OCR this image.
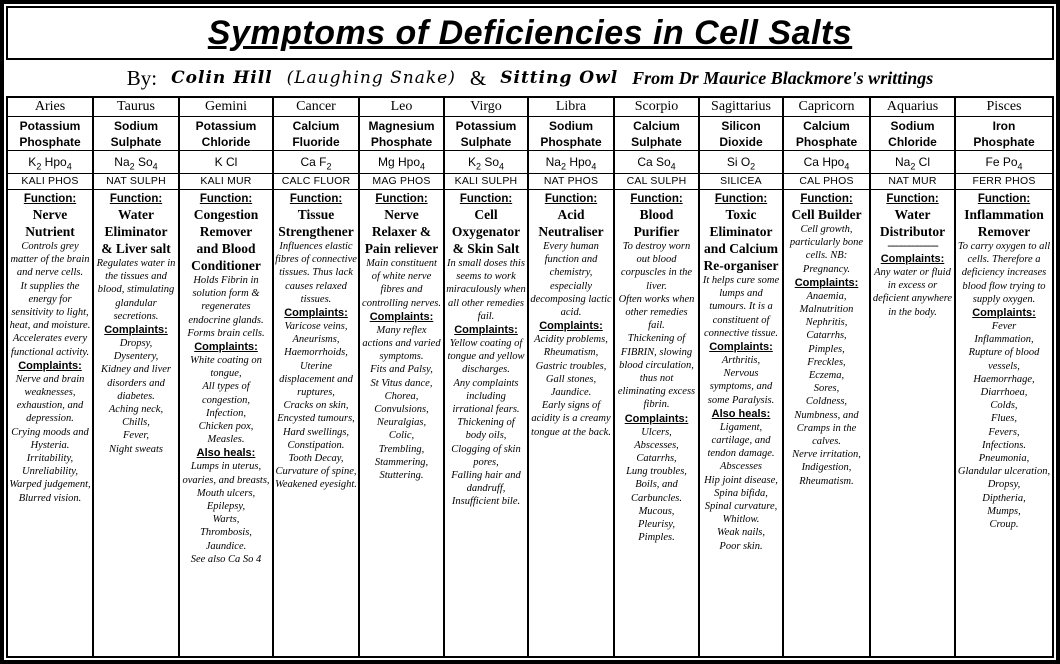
Symptoms of Deficiencies in Cell Salts
By: Colin Hill (Laughing Snake) & Sitting Owl From Dr Maurice Blackmore's writtings
Aries
Potassium
Phosphate
$K_2$ Hpo$_4$
KALI PHOS
Function:
Nerve
Nutrient
Controls grey matter of the brain and nerve cells.
It supplies the energy for sensitivity to light, heat, and moisture.
Accelerates every functional activity.
Complaints:
Nerve and brain weaknesses, exhaustion, and depression.
Crying moods and Hysteria.
Irritability, Unreliability,
Warped judgement,
Blurred vision.
Taurus
Sodium
Sulphate
$Na_2$ $So_4$
NAT SULPH
Function:
Water
Eliminator
& Liver salt
Regulates water in the tissues and blood, stimulating glandular secretions.
Complaints:
Dropsy,
Dysentery,
Kidney and liver disorders and diabetes.
Aching neck,
Chills,
Fever,
Night sweats
Gemini
Potassium
Chloride
K Cl
KALI MUR
Function:
Congestion
Remover
and Blood
Conditioner
Holds Fibrin in solution form & regenerates endocrine glands. Forms brain cells.
Complaints:
White coating on tongue,
All types of congestion,
Infection,
Chicken pox,
Measles.
Also heals:
Lumps in uterus, ovaries, and breasts,
Mouth ulcers,
Epilepsy,
Warts,
Thrombosis,
Jaundice.
See also Ca So 4
Cancer
Calcium
Fluoride
Ca $F_2$
CALC FLUOR
Function:
Tissue
Strengthener
Influences elastic fibres of connective tissues. Thus lack causes relaxed tissues.
Complaints:
Varicose veins,
Aneurisms,
Haemorrhoids,
Uterine displacement and ruptures,
Cracks on skin,
Encysted tumours,
Hard swellings,
Constipation.
Tooth Decay,
Curvature of spine,
Weakened eyesight.
Leo
Magnesium
Phosphate
Mg Hpo$_4$
MAG PHOS
Function:
Nerve
Relaxer &
Pain reliever
Main constituent of white nerve fibres and controlling nerves.
Complaints:
Many reflex actions and varied symptoms.
Fits and Palsy,
St Vitus dance,
Chorea,
Convulsions,
Neuralgias,
Colic,
Trembling,
Stammering,
Stuttering.
Virgo
Potassium
Sulphate
$K_2$ $So_4$
KALI SULPH
Function:
Cell
Oxygenator
& Skin Salt
In small doses this seems to work miraculously when all other remedies fail.
Complaints:
Yellow coating of tongue and yellow discharges.
Any complaints including irrational fears.
Thickening of body oils,
Clogging of skin pores,
Falling hair and dandruff,
Insufficient bile.
Libra
Sodium
Phosphate
$Na_2$ Hpo$_4$
NAT PHOS
Function:
Acid
Neutraliser
Every human function and chemistry, especially decomposing lactic acid.
Complaints:
Acidity problems,
Rheumatism,
Gastric troubles,
Gall stones,
Jaundice.
Early signs of acidity is a creamy tongue at the back.
Scorpio
Calcium
Sulphate
Ca $So_4$
CAL SULPH
Function:
Blood
Purifier
To destroy worn out blood corpuscles in the liver.
Often works when other remedies fail.
Thickening of FIBRIN, slowing blood circulation, thus not eliminating excess fibrin.
Complaints:
Ulcers,
Abscesses,
Catarrhs,
Lung troubles,
Boils, and Carbuncles.
Mucous,
Pleurisy,
Pimples.
Sagittarius
Silicon
Dioxide
Si $O_2$
SILICEA
Function:
Toxic
Eliminator
and Calcium
Re-organiser
It helps cure some lumps and tumours. It is a constituent of connective tissue.
Complaints:
Arthritis,
Nervous symptoms, and some Paralysis.
Also heals:
Ligament, cartilage, and tendon damage.
Abscesses
Hip joint disease,
Spina bifida,
Spinal curvature,
Whitlow.
Weak nails,
Poor skin.
Capricorn
Calcium
Phosphate
Ca Hpo$_4$
CAL PHOS
Function:
Cell Builder
Cell growth, particularly bone cells. NB: Pregnancy.
Complaints:
Anaemia,
Malnutrition
Nephritis,
Catarrhs,
Pimples,
Freckles,
Eczema,
Sores,
Coldness,
Numbness, and Cramps in the calves.
Nerve irritation,
Indigestion,
Rheumatism.
Aquarius
Sodium
Chloride
$Na_2$ Cl
NAT MUR
Function:
Water
Distributor
-------------------
Complaints:
Any water or fluid in excess or deficient anywhere in the body.
Pisces
Iron
Phosphate
Fe $Po_4$
FERR PHOS
Function:
Inflammation
Remover
To carry oxygen to all cells. Therefore a deficiency increases blood flow trying to supply oxygen.
Complaints:
Fever
Inflammation,
Rupture of blood vessels,
Haemorrhage,
Diarrhoea,
Colds,
Flues,
Fevers,
Infections.
Pneumonia,
Glandular ulceration,
Dropsy,
Diptheria,
Mumps,
Croup.
